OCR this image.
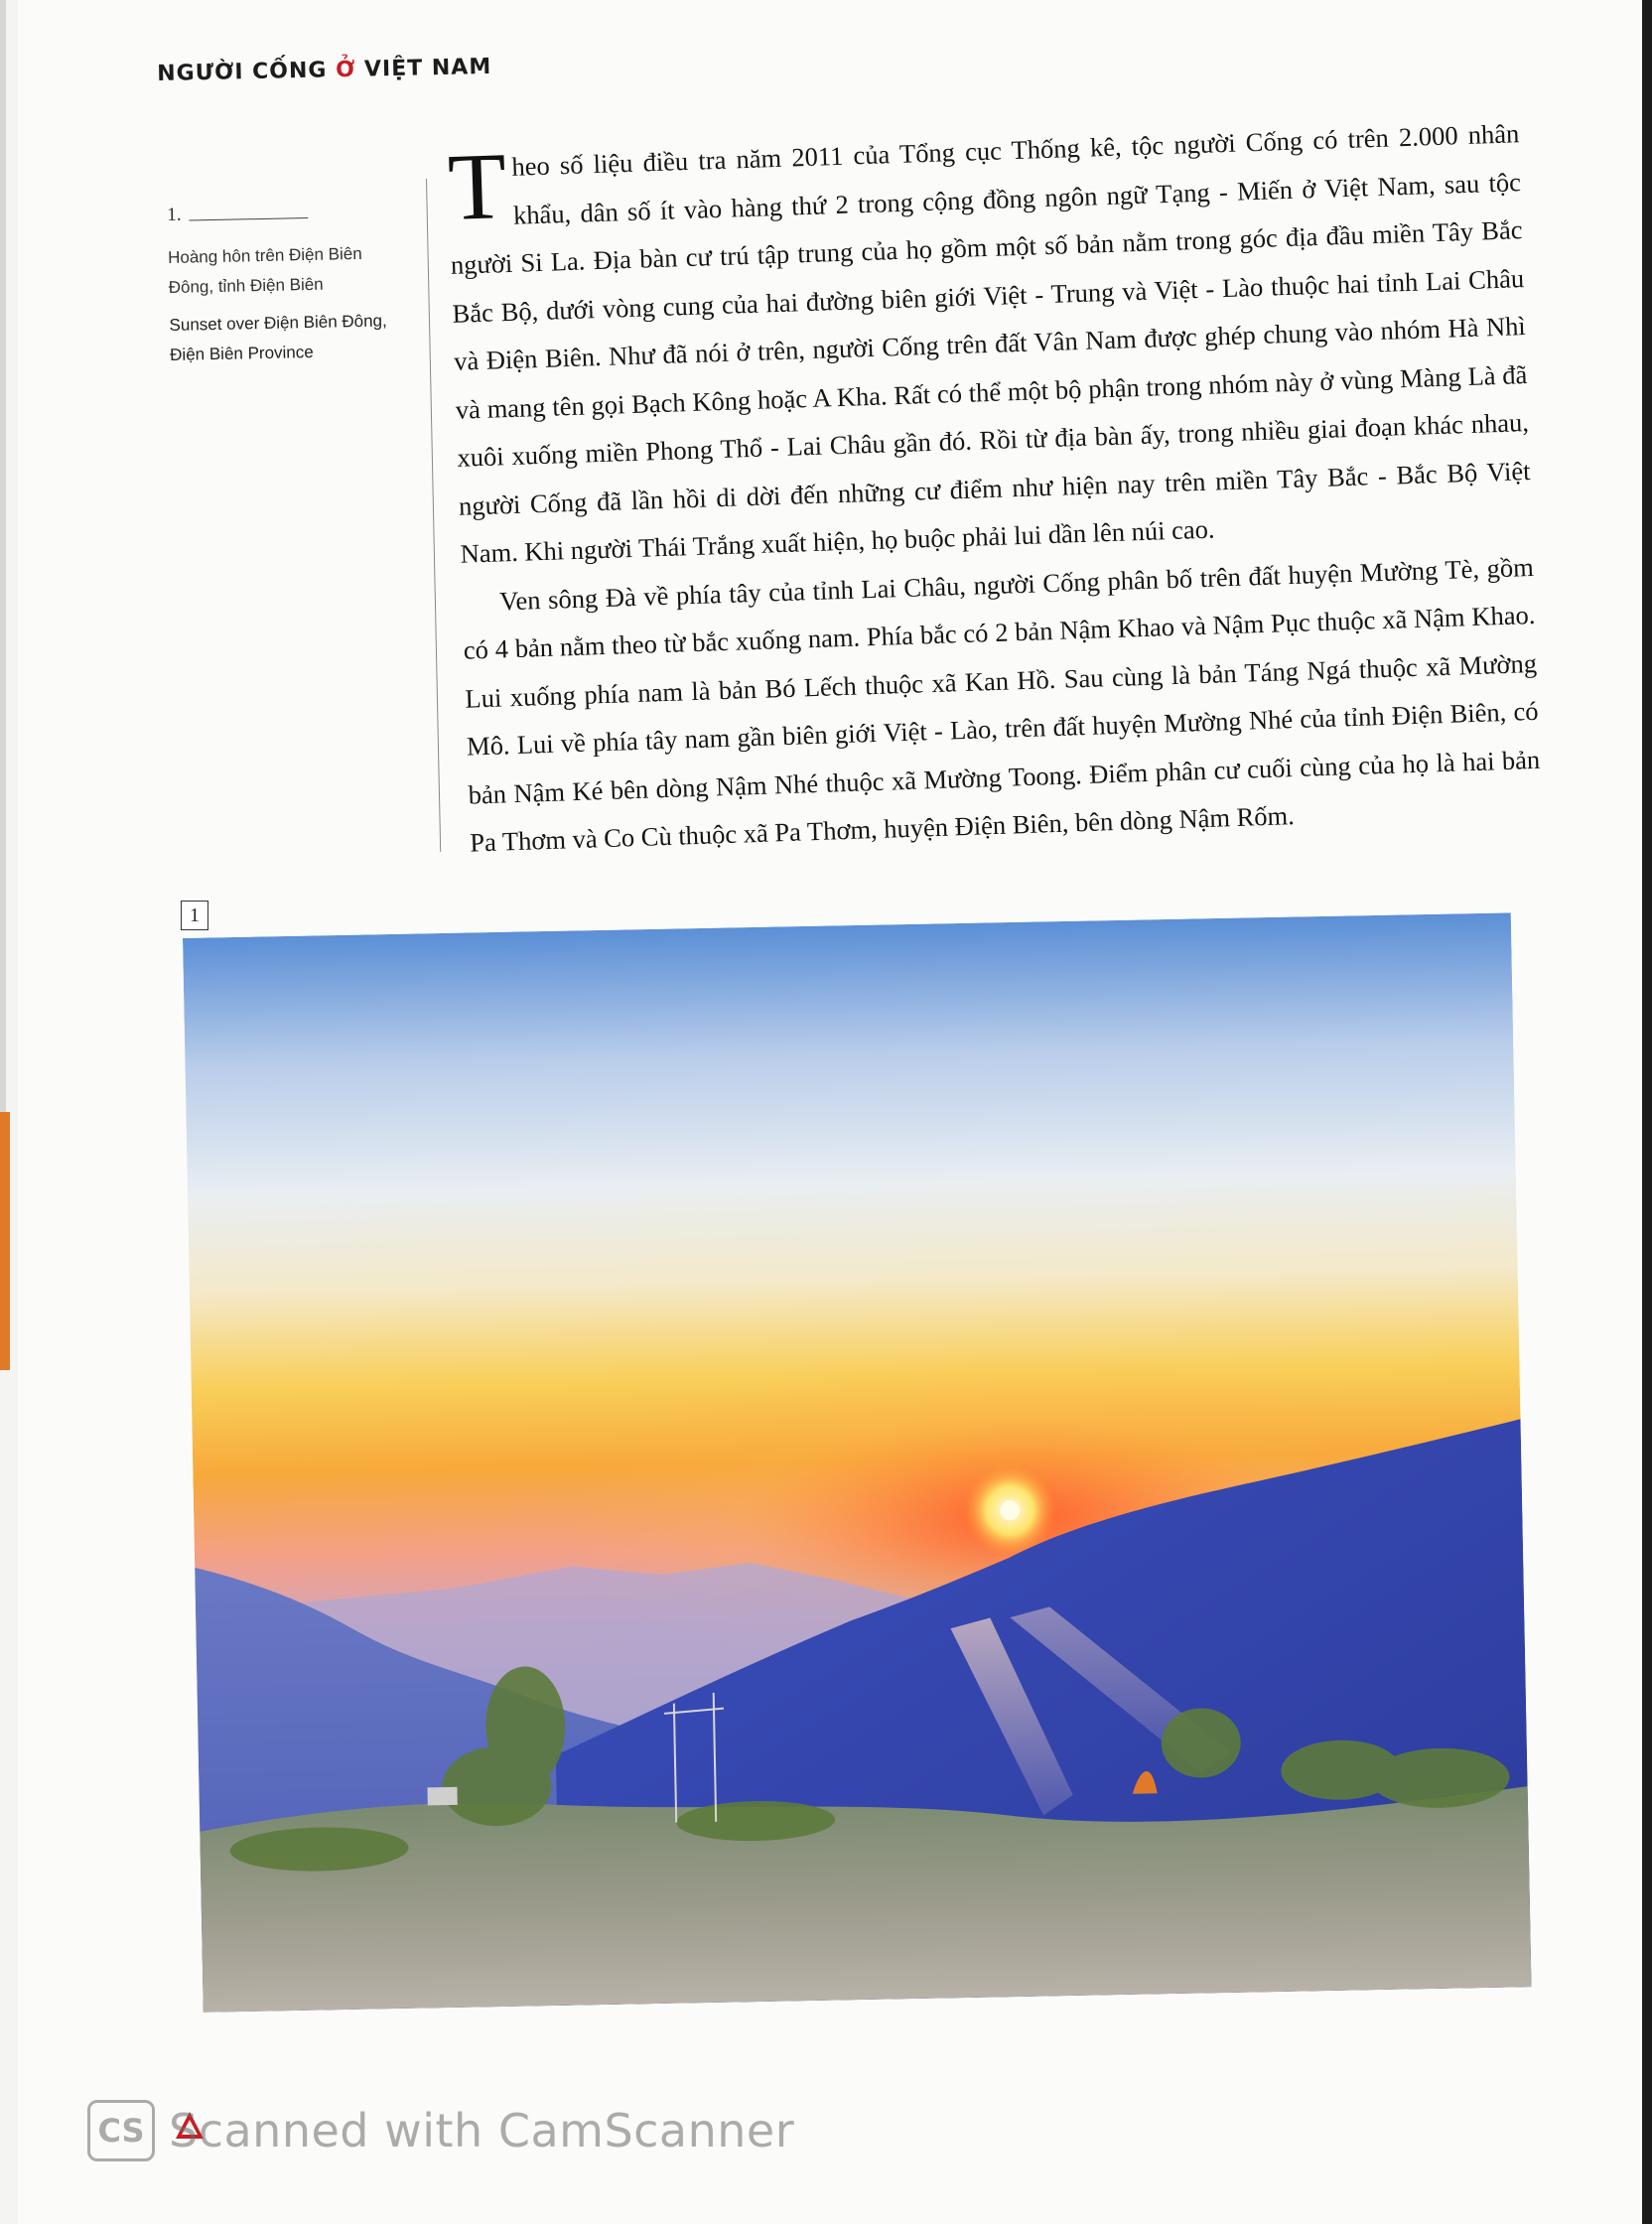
NGƯỜI CỐNG Ở VIỆT NAM
1.
Hoàng hôn trên Điện Biên Đông, tỉnh Điện Biên
Sunset over Điện Biên Đông, Điện Biên Province

Theo số liệu điều tra năm 2011 của Tổng cục Thống kê, tộc người Cống có trên 2.000 nhân khẩu, dân số ít vào hàng thứ 2 trong cộng đồng ngôn ngữ Tạng - Miến ở Việt Nam, sau tộc người Si La. Địa bàn cư trú tập trung của họ gồm một số bản nằm trong góc địa đầu miền Tây Bắc Bắc Bộ, dưới vòng cung của hai đường biên giới Việt - Trung và Việt - Lào thuộc hai tỉnh Lai Châu và Điện Biên. Như đã nói ở trên, người Cống trên đất Vân Nam được ghép chung vào nhóm Hà Nhì và mang tên gọi Bạch Kông hoặc A Kha. Rất có thể một bộ phận trong nhóm này ở vùng Màng Là đã xuôi xuống miền Phong Thổ - Lai Châu gần đó. Rồi từ địa bàn ấy, trong nhiều giai đoạn khác nhau, người Cống đã lần hồi di dời đến những cư điểm như hiện nay trên miền Tây Bắc - Bắc Bộ Việt Nam. Khi người Thái Trắng xuất hiện, họ buộc phải lui dần lên núi cao.

Ven sông Đà về phía tây của tỉnh Lai Châu, người Cống phân bố trên đất huyện Mường Tè, gồm có 4 bản nằm theo từ bắc xuống nam. Phía bắc có 2 bản Nậm Khao và Nậm Pục thuộc xã Nậm Khao. Lui xuống phía nam là bản Bó Lếch thuộc xã Kan Hồ. Sau cùng là bản Táng Ngá thuộc xã Mường Mô. Lui về phía tây nam gần biên giới Việt - Lào, trên đất huyện Mường Nhé của tỉnh Điện Biên, có bản Nậm Ké bên dòng Nậm Nhé thuộc xã Mường Toong. Điểm phân cư cuối cùng của họ là hai bản Pa Thơm và Co Cù thuộc xã Pa Thơm, huyện Điện Biên, bên dòng Nậm Rốm.

1
CS Scanned with CamScanner
